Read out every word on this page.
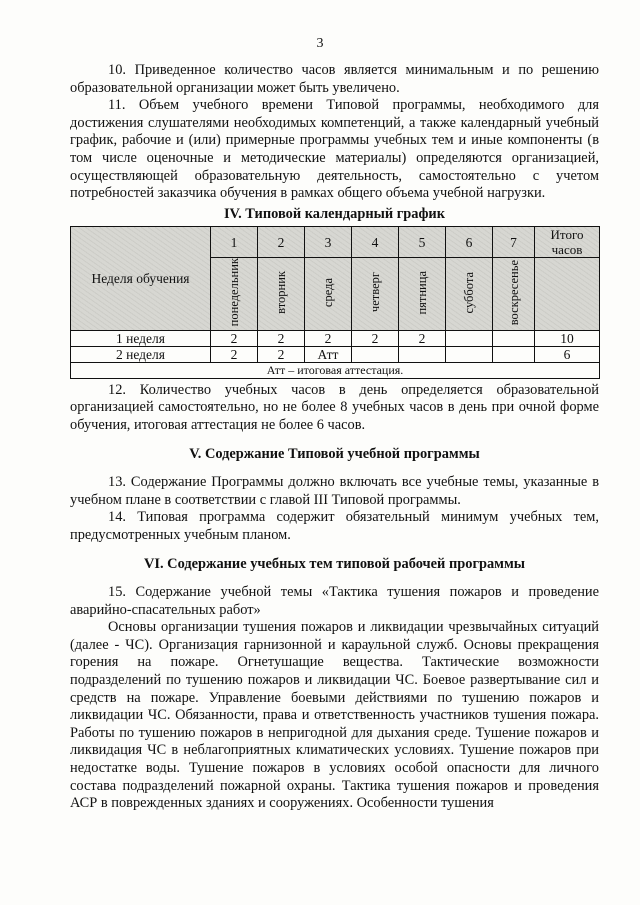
3

10. Приведенное количество часов является минимальным и по решению образовательной организации может быть увеличено.

11. Объем учебного времени Типовой программы, необходимого для достижения слушателями необходимых компетенций, а также календарный учебный график, рабочие и (или) примерные программы учебных тем и иные компоненты (в том числе оценочные и методические материалы) определяются организацией, осуществляющей образовательную деятельность, самостоятельно с учетом потребностей заказчика обучения в рамках общего объема учебной нагрузки.

IV. Типовой календарный график
Неделя обучения	1	2	3	4	5	6	7	Итого часов
	понедельник	вторник	среда	четверг	пятница	суббота	воскресенье	
1 неделя	2	2	2	2	2			10
2 неделя	2	2	Атт					6
Атт – итоговая аттестация.								

12. Количество учебных часов в день определяется образовательной организацией самостоятельно, но не более 8 учебных часов в день при очной форме обучения, итоговая аттестация не более 6 часов.

V. Содержание Типовой учебной программы

13. Содержание Программы должно включать все учебные темы, указанные в учебном плане в соответствии с главой III Типовой программы.

14. Типовая программа содержит обязательный минимум учебных тем, предусмотренных учебным планом.

VI. Содержание учебных тем типовой рабочей программы

15. Содержание учебной темы «Тактика тушения пожаров и проведение аварийно-спасательных работ»

Основы организации тушения пожаров и ликвидации чрезвычайных ситуаций (далее - ЧС). Организация гарнизонной и караульной служб. Основы прекращения горения на пожаре. Огнетушащие вещества. Тактические возможности подразделений по тушению пожаров и ликвидации ЧС. Боевое развертывание сил и средств на пожаре. Управление боевыми действиями по тушению пожаров и ликвидации ЧС. Обязанности, права и ответственность участников тушения пожара. Работы по тушению пожаров в непригодной для дыхания среде. Тушение пожаров и ликвидация ЧС в неблагоприятных климатических условиях. Тушение пожаров при недостатке воды. Тушение пожаров в условиях особой опасности для личного состава подразделений пожарной охраны. Тактика тушения пожаров и проведения АСР в поврежденных зданиях и сооружениях. Особенности тушения
